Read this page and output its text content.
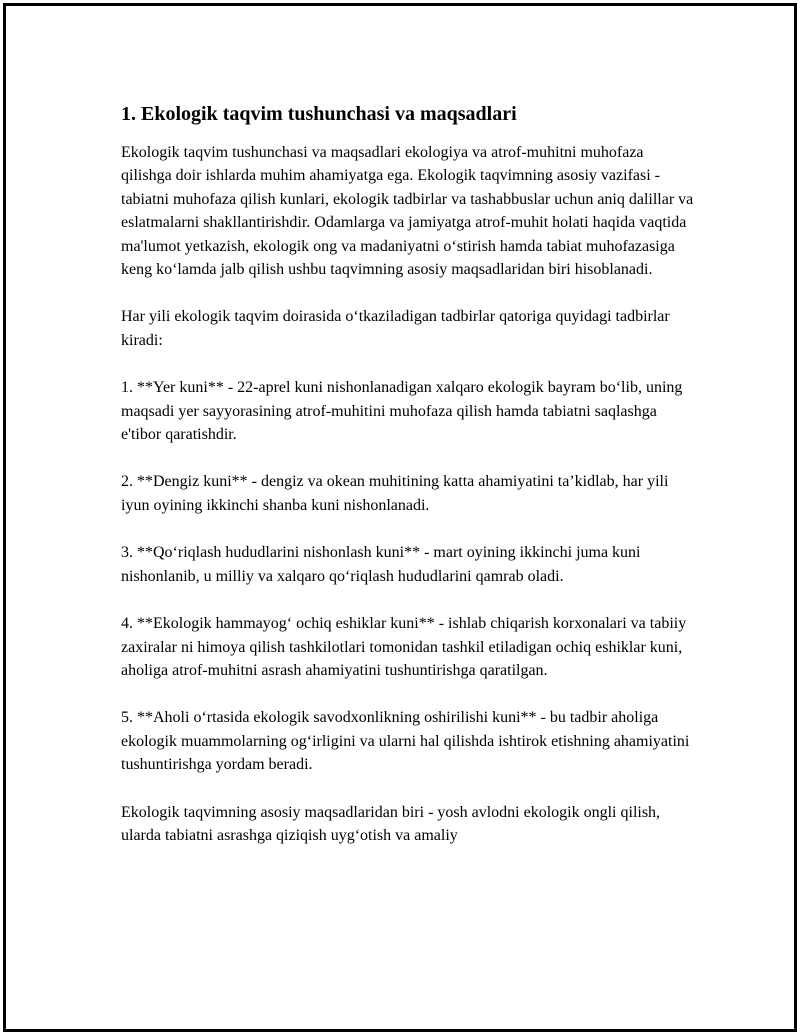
1. Ekologik taqvim tushunchasi va maqsadlari

Ekologik taqvim tushunchasi va maqsadlari ekologiya va atrof-muhitni muhofaza qilishga doir ishlarda muhim ahamiyatga ega. Ekologik taqvimning asosiy vazifasi - tabiatni muhofaza qilish kunlari, ekologik tadbirlar va tashabbuslar uchun aniq dalillar va eslatmalarni shakllantirishdir. Odamlarga va jamiyatga atrof-muhit holati haqida vaqtida ma'lumot yetkazish, ekologik ong va madaniyatni o‘stirish hamda tabiat muhofazasiga keng ko‘lamda jalb qilish ushbu taqvimning asosiy maqsadlaridan biri hisoblanadi.

Har yili ekologik taqvim doirasida o‘tkaziladigan tadbirlar qatoriga quyidagi tadbirlar kiradi:

1. **Yer kuni** - 22-aprel kuni nishonlanadigan xalqaro ekologik bayram bo‘lib, uning maqsadi yer sayyorasining atrof-muhitini muhofaza qilish hamda tabiatni saqlashga e'tibor qaratishdir.

2. **Dengiz kuni** - dengiz va okean muhitining katta ahamiyatini ta’kidlab, har yili iyun oyining ikkinchi shanba kuni nishonlanadi.

3. **Qo‘riqlash hududlarini nishonlash kuni** - mart oyining ikkinchi juma kuni nishonlanib, u milliy va xalqaro qo‘riqlash hududlarini qamrab oladi.

4. **Ekologik hammayog‘ ochiq eshiklar kuni** - ishlab chiqarish korxonalari va tabiiy zaxiralar ni himoya qilish tashkilotlari tomonidan tashkil etiladigan ochiq eshiklar kuni, aholiga atrof-muhitni asrash ahamiyatini tushuntirishga qaratilgan.

5. **Aholi o‘rtasida ekologik savodxonlikning oshirilishi kuni** - bu tadbir aholiga ekologik muammolarning og‘irligini va ularni hal qilishda ishtirok etishning ahamiyatini tushuntirishga yordam beradi.

Ekologik taqvimning asosiy maqsadlaridan biri - yosh avlodni ekologik ongli qilish, ularda tabiatni asrashga qiziqish uyg‘otish va amaliy
